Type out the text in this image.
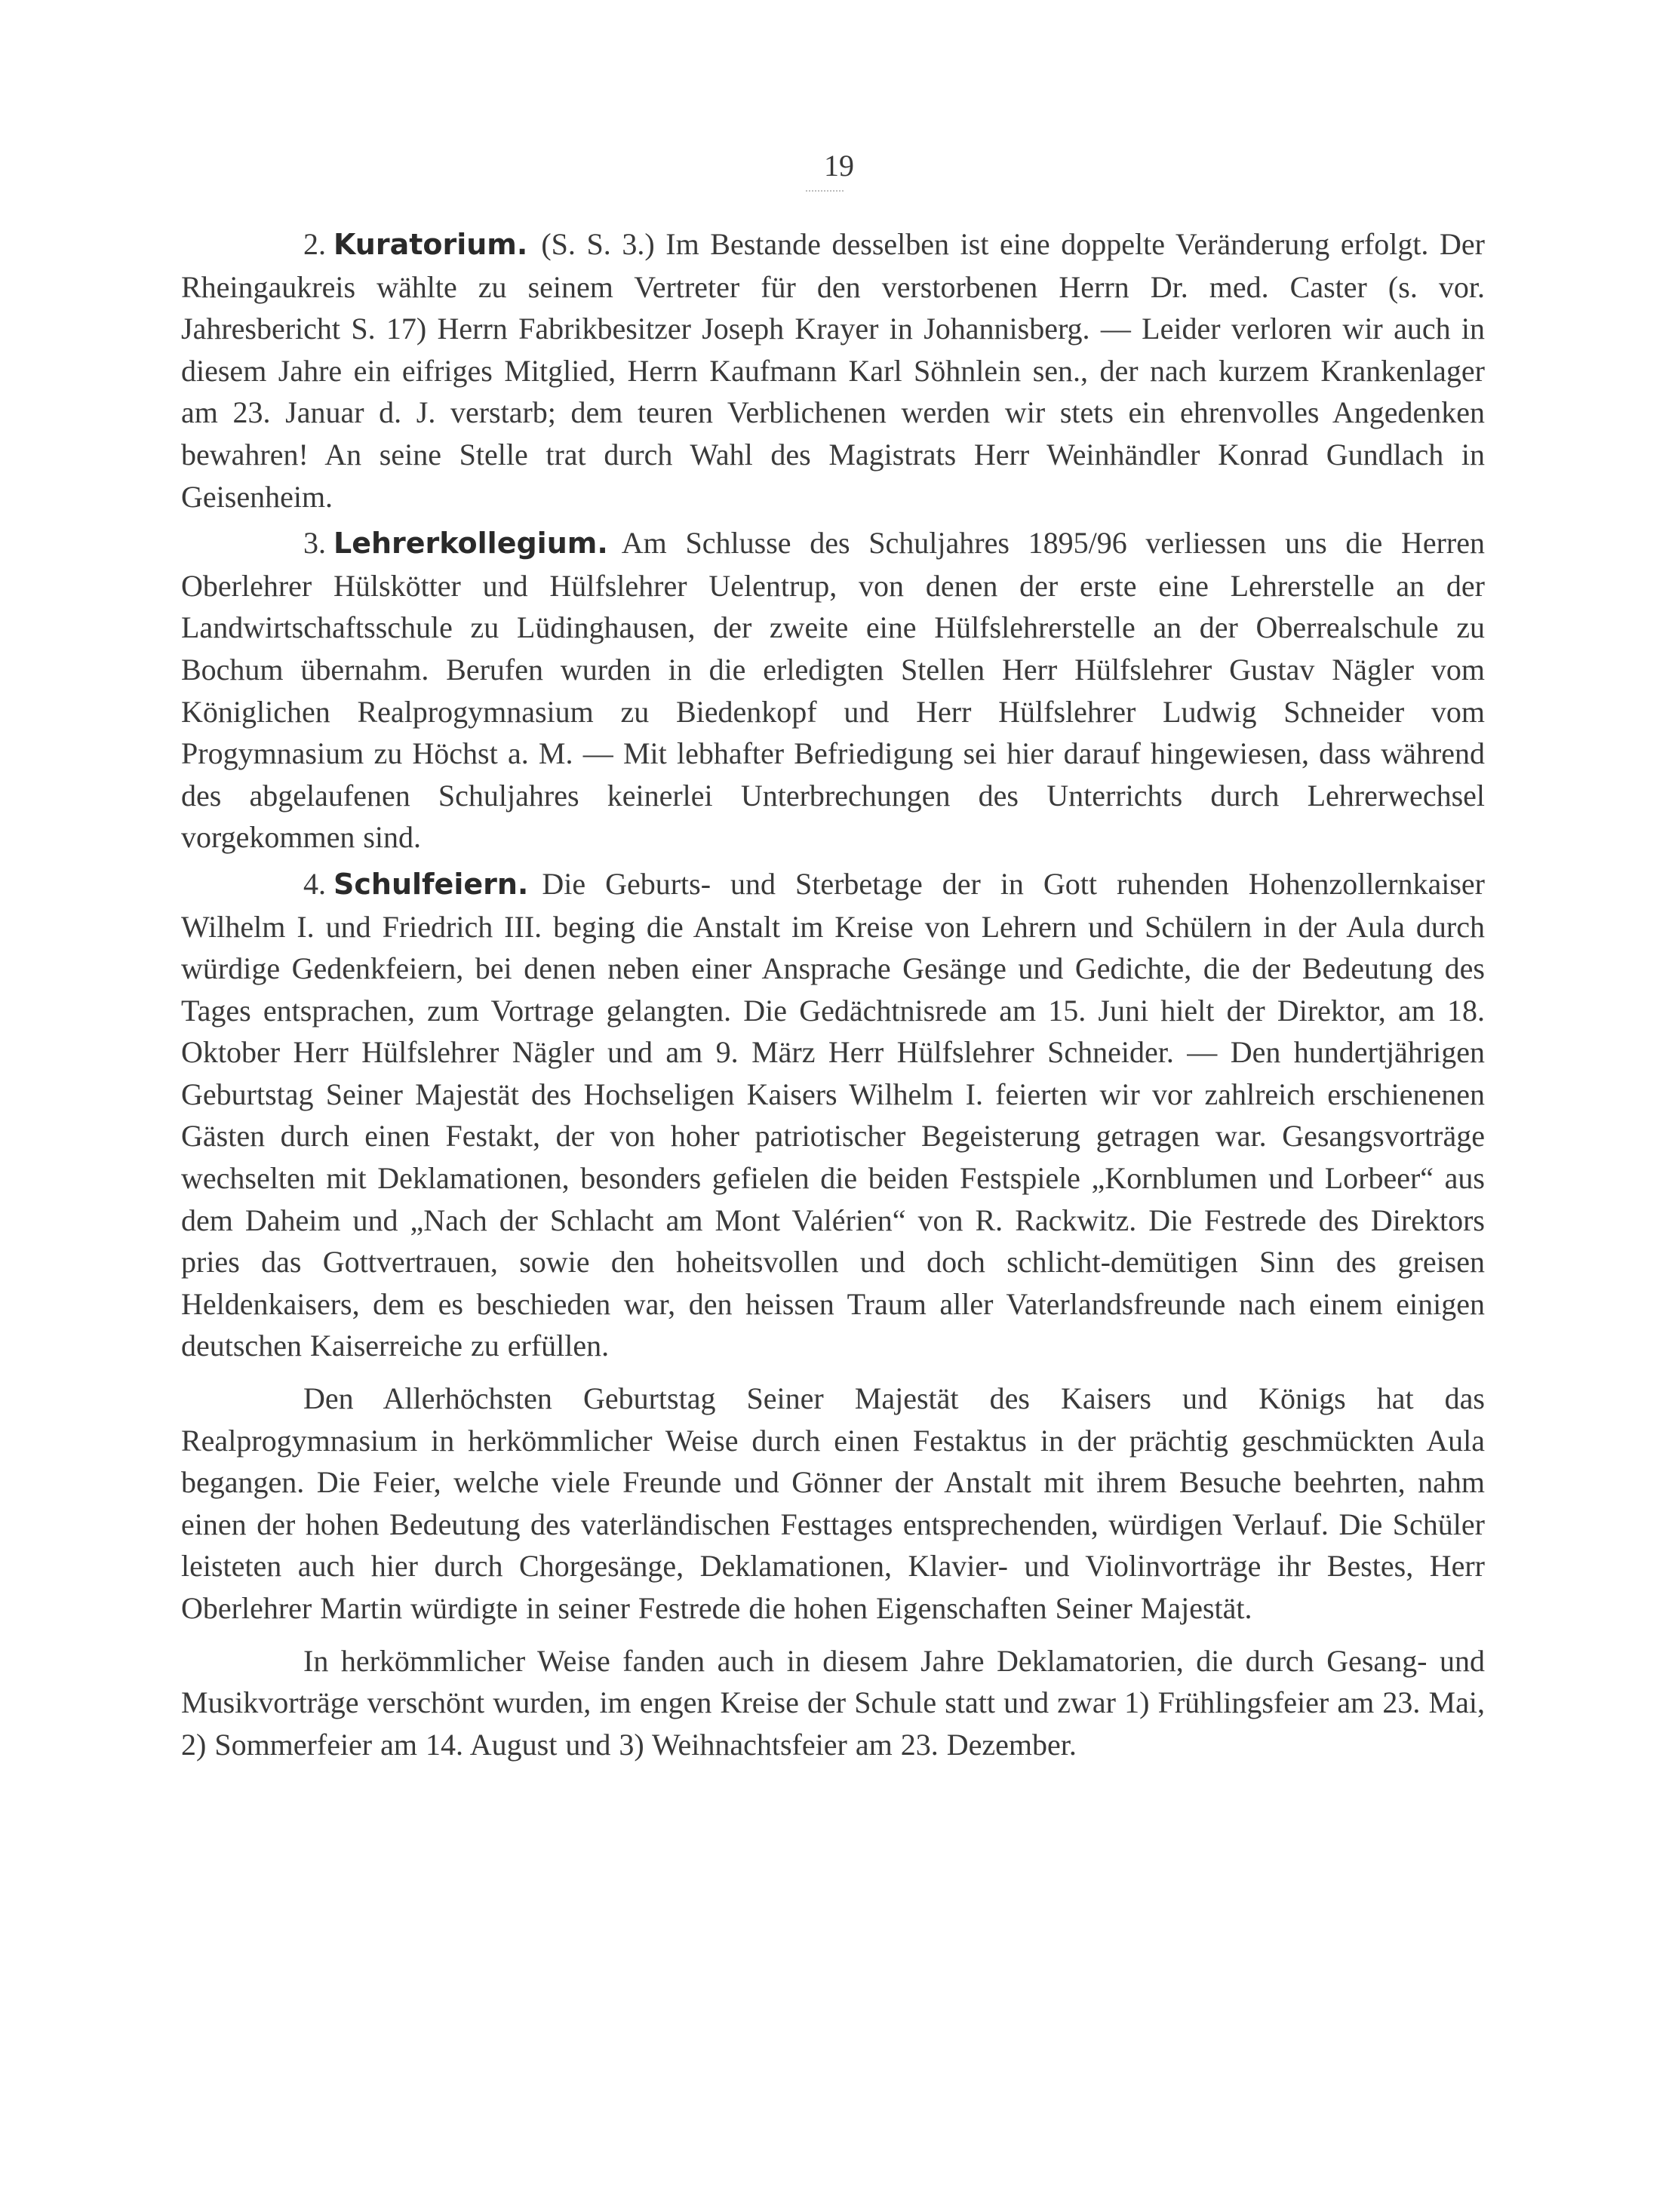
19

2. Kuratorium. (S. S. 3.) Im Bestande desselben ist eine doppelte Veränderung erfolgt. Der Rheingaukreis wählte zu seinem Vertreter für den verstorbenen Herrn Dr. med. Caster (s. vor. Jahresbericht S. 17) Herrn Fabrikbesitzer Joseph Krayer in Johannisberg. — Leider verloren wir auch in diesem Jahre ein eifriges Mitglied, Herrn Kaufmann Karl Söhnlein sen., der nach kurzem Krankenlager am 23. Januar d. J. verstarb; dem teuren Verblichenen werden wir stets ein ehrenvolles Angedenken bewahren! An seine Stelle trat durch Wahl des Magistrats Herr Weinhändler Konrad Gundlach in Geisenheim.

3. Lehrerkollegium. Am Schlusse des Schuljahres 1895/96 verliessen uns die Herren Oberlehrer Hülskötter und Hülfslehrer Uelentrup, von denen der erste eine Lehrerstelle an der Landwirtschaftsschule zu Lüdinghausen, der zweite eine Hülfslehrerstelle an der Oberrealschule zu Bochum übernahm. Berufen wurden in die erledigten Stellen Herr Hülfslehrer Gustav Nägler vom Königlichen Realprogymnasium zu Biedenkopf und Herr Hülfslehrer Ludwig Schneider vom Progymnasium zu Höchst a. M. — Mit lebhafter Befriedigung sei hier darauf hingewiesen, dass während des abgelaufenen Schuljahres keinerlei Unterbrechungen des Unterrichts durch Lehrerwechsel vorgekommen sind.

4. Schulfeiern. Die Geburts- und Sterbetage der in Gott ruhenden Hohenzollernkaiser Wilhelm I. und Friedrich III. beging die Anstalt im Kreise von Lehrern und Schülern in der Aula durch würdige Gedenkfeiern, bei denen neben einer Ansprache Gesänge und Gedichte, die der Bedeutung des Tages entsprachen, zum Vortrage gelangten. Die Gedächtnisrede am 15. Juni hielt der Direktor, am 18. Oktober Herr Hülfslehrer Nägler und am 9. März Herr Hülfslehrer Schneider. — Den hundertjährigen Geburtstag Seiner Majestät des Hochseligen Kaisers Wilhelm I. feierten wir vor zahlreich erschienenen Gästen durch einen Festakt, der von hoher patriotischer Begeisterung getragen war. Gesangsvorträge wechselten mit Deklamationen, besonders gefielen die beiden Festspiele „Kornblumen und Lorbeer“ aus dem Daheim und „Nach der Schlacht am Mont Valérien“ von R. Rackwitz. Die Festrede des Direktors pries das Gottvertrauen, sowie den hoheitsvollen und doch schlicht-demütigen Sinn des greisen Heldenkaisers, dem es beschieden war, den heissen Traum aller Vaterlandsfreunde nach einem einigen deutschen Kaiserreiche zu erfüllen.

Den Allerhöchsten Geburtstag Seiner Majestät des Kaisers und Königs hat das Realprogymnasium in herkömmlicher Weise durch einen Festaktus in der prächtig geschmückten Aula begangen. Die Feier, welche viele Freunde und Gönner der Anstalt mit ihrem Besuche beehrten, nahm einen der hohen Bedeutung des vaterländischen Festtages entsprechenden, würdigen Verlauf. Die Schüler leisteten auch hier durch Chorgesänge, Deklamationen, Klavier- und Violinvorträge ihr Bestes, Herr Oberlehrer Martin würdigte in seiner Festrede die hohen Eigenschaften Seiner Majestät.

In herkömmlicher Weise fanden auch in diesem Jahre Deklamatorien, die durch Gesang- und Musikvorträge verschönt wurden, im engen Kreise der Schule statt und zwar 1) Frühlingsfeier am 23. Mai, 2) Sommerfeier am 14. August und 3) Weihnachtsfeier am 23. Dezember.
